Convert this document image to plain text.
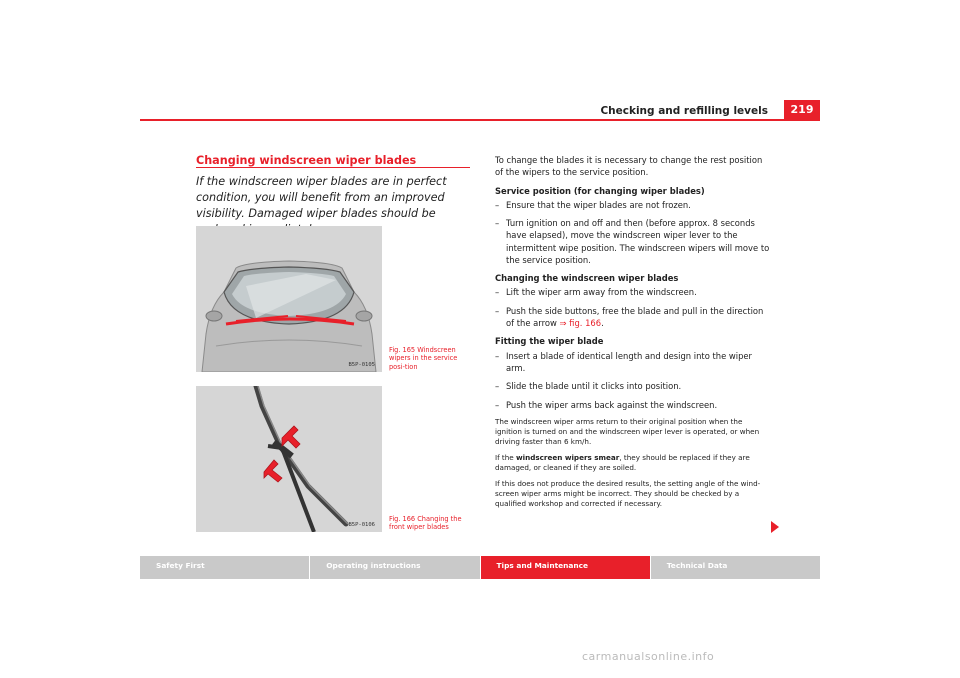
Checking and refilling levels	219
Changing windscreen wiper blades
If the windscreen wiper blades are in perfect condition, you will benefit from an improved visibility. Damaged wiper blades should be
B5P-0105
Fig. 165 Windscreen wipers in the service posi-tion
B5P-0106
Fig. 166 Changing the front wiper blades

To change the blades it is necessary to change the rest position of the wipers to the service position.

Service position (for changing wiper blades)

– Ensure that the wiper blades are not frozen.
– Turn ignition on and off and then (before approx. 8 seconds have elapsed), move the windscreen wiper lever to the intermittent wipe position. The windscreen wipers will move to the service position.

Changing the windscreen wiper blades

– Lift the wiper arm away from the windscreen.
– Push the side buttons, free the blade and pull in the direction of the arrow ⇒ fig. 166.

Fitting the wiper blade

– Insert a blade of identical length and design into the wiper arm.
– Slide the blade until it clicks into position.
– Push the wiper arms back against the windscreen.

The windscreen wiper arms return to their original position when the ignition is turned on and the windscreen wiper lever is operated, or when driving faster than 6 km/h.

If the windscreen wipers smear, they should be replaced if they are damaged, or cleaned if they are soiled.

If this does not produce the desired results, the setting angle of the wind-screen wiper arms might be incorrect. They should be checked by a qualified workshop and corrected if necessary.

Safety First	Operating instructions	Tips and Maintenance	Technical Data
carmanualsonline.info
